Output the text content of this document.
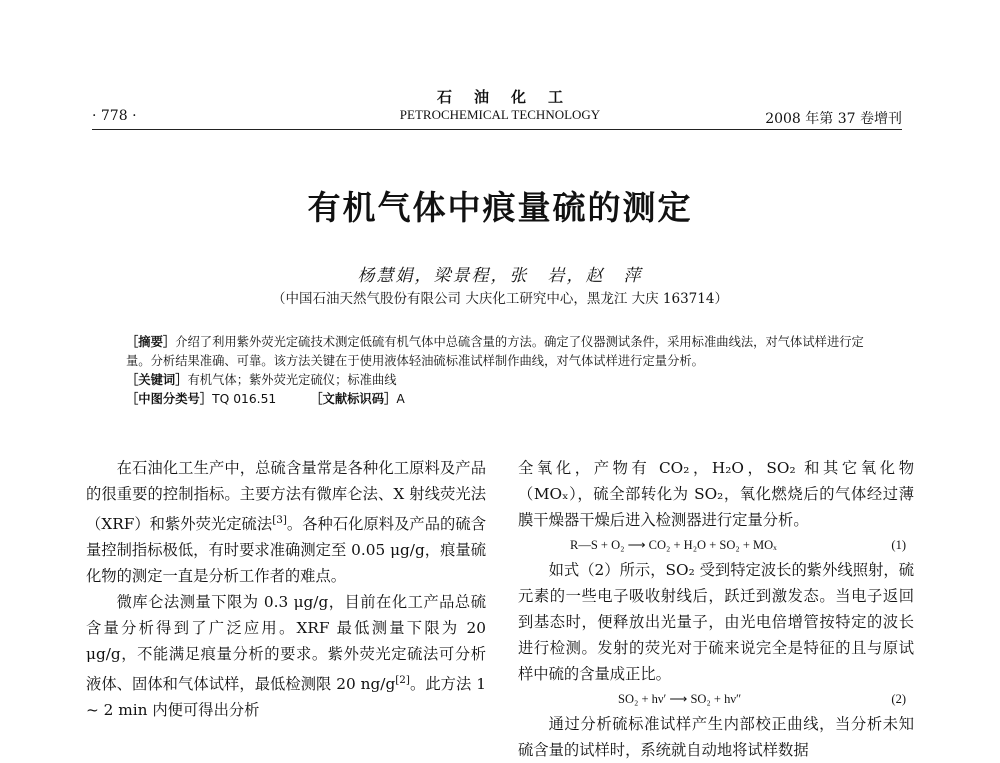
石油化工
· 778 ·	PETROCHEMICAL TECHNOLOGY	2008 年第 37 卷增刊
有机气体中痕量硫的测定
杨慧娟，梁景程，张　岩，赵　萍
（中国石油天然气股份有限公司 大庆化工研究中心，黑龙江 大庆 163714）

［摘要］介绍了利用紫外荧光定硫技术测定低硫有机气体中总硫含量的方法。确定了仪器测试条件，采用标准曲线法，对气体试样进行定量。分析结果准确、可靠。该方法关键在于使用液体轻油硫标准试样制作曲线，对气体试样进行定量分析。

［关键词］有机气体；紫外荧光定硫仪；标准曲线

［中图分类号］TQ 016.51	［文献标识码］A

在石油化工生产中，总硫含量常是各种化工原料及产品的很重要的控制指标。主要方法有微库仑法、X 射线荧光法（XRF）和紫外荧光定硫法[3]。各种石化原料及产品的硫含量控制指标极低，有时要求准确测定至 0.05 μg/g，痕量硫化物的测定一直是分析工作者的难点。

微库仑法测量下限为 0.3 μg/g，目前在化工产品总硫含量分析得到了广泛应用。XRF 最低测量下限为 20 μg/g，不能满足痕量分析的要求。紫外荧光定硫法可分析液体、固体和气体试样，最低检测限 20 ng/g[2]。此方法 1 ~ 2 min 内便可得出分析

全氧化，产物有 CO₂，H₂O，SO₂ 和其它氧化物（MOₓ），硫全部转化为 SO₂，氧化燃烧后的气体经过薄膜干燥器干燥后进入检测器进行定量分析。

R—S + O₂ ⟶ CO₂ + H₂O + SO₂ + MOₓ	(1)

如式（2）所示，SO₂ 受到特定波长的紫外线照射，硫元素的一些电子吸收射线后，跃迁到激发态。当电子返回到基态时，便释放出光量子，由光电倍增管按特定的波长进行检测。发射的荧光对于硫来说完全是特征的且与原试样中硫的含量成正比。

SO₂ + hν′ ⟶ SO₂ + hν″	(2)

通过分析硫标准试样产生内部校正曲线，当分析未知硫含量的试样时，系统就自动地将试样数据
